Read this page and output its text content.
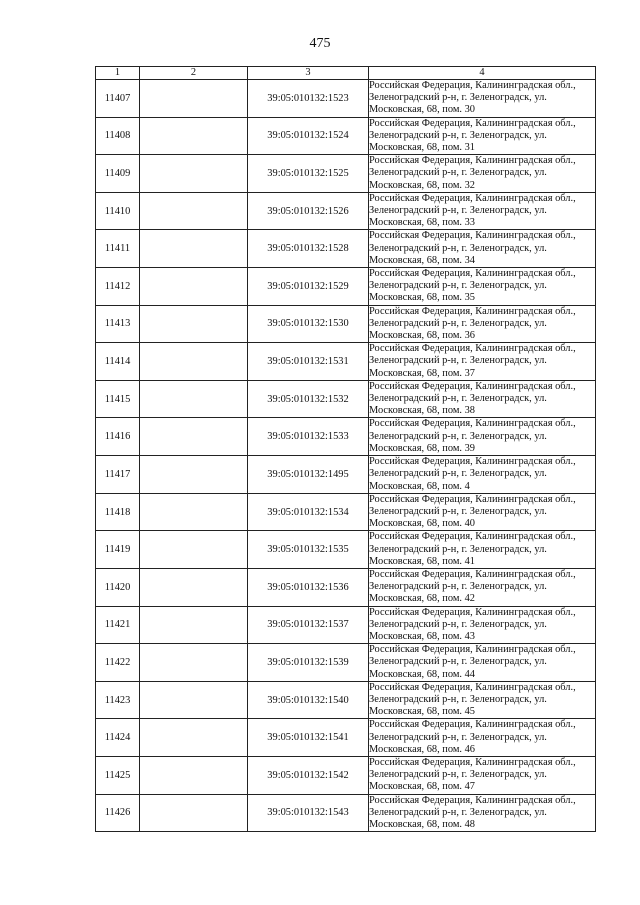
475
1	2	3	4
11407		39:05:010132:1523	Российская Федерация, Калининградская обл.,
Зеленоградский р-н, г. Зеленоградск, ул.
Московская, 68, пом. 30
11408		39:05:010132:1524	Российская Федерация, Калининградская обл.,
Зеленоградский р-н, г. Зеленоградск, ул.
Московская, 68, пом. 31
11409		39:05:010132:1525	Российская Федерация, Калининградская обл.,
Зеленоградский р-н, г. Зеленоградск, ул.
Московская, 68, пом. 32
11410		39:05:010132:1526	Российская Федерация, Калининградская обл.,
Зеленоградский р-н, г. Зеленоградск, ул.
Московская, 68, пом. 33
11411		39:05:010132:1528	Российская Федерация, Калининградская обл.,
Зеленоградский р-н, г. Зеленоградск, ул.
Московская, 68, пом. 34
11412		39:05:010132:1529	Российская Федерация, Калининградская обл.,
Зеленоградский р-н, г. Зеленоградск, ул.
Московская, 68, пом. 35
11413		39:05:010132:1530	Российская Федерация, Калининградская обл.,
Зеленоградский р-н, г. Зеленоградск, ул.
Московская, 68, пом. 36
11414		39:05:010132:1531	Российская Федерация, Калининградская обл.,
Зеленоградский р-н, г. Зеленоградск, ул.
Московская, 68, пом. 37
11415		39:05:010132:1532	Российская Федерация, Калининградская обл.,
Зеленоградский р-н, г. Зеленоградск, ул.
Московская, 68, пом. 38
11416		39:05:010132:1533	Российская Федерация, Калининградская обл.,
Зеленоградский р-н, г. Зеленоградск, ул.
Московская, 68, пом. 39
11417		39:05:010132:1495	Российская Федерация, Калининградская обл.,
Зеленоградский р-н, г. Зеленоградск, ул.
Московская, 68, пом. 4
11418		39:05:010132:1534	Российская Федерация, Калининградская обл.,
Зеленоградский р-н, г. Зеленоградск, ул.
Московская, 68, пом. 40
11419		39:05:010132:1535	Российская Федерация, Калининградская обл.,
Зеленоградский р-н, г. Зеленоградск, ул.
Московская, 68, пом. 41
11420		39:05:010132:1536	Российская Федерация, Калининградская обл.,
Зеленоградский р-н, г. Зеленоградск, ул.
Московская, 68, пом. 42
11421		39:05:010132:1537	Российская Федерация, Калининградская обл.,
Зеленоградский р-н, г. Зеленоградск, ул.
Московская, 68, пом. 43
11422		39:05:010132:1539	Российская Федерация, Калининградская обл.,
Зеленоградский р-н, г. Зеленоградск, ул.
Московская, 68, пом. 44
11423		39:05:010132:1540	Российская Федерация, Калининградская обл.,
Зеленоградский р-н, г. Зеленоградск, ул.
Московская, 68, пом. 45
11424		39:05:010132:1541	Российская Федерация, Калининградская обл.,
Зеленоградский р-н, г. Зеленоградск, ул.
Московская, 68, пом. 46
11425		39:05:010132:1542	Российская Федерация, Калининградская обл.,
Зеленоградский р-н, г. Зеленоградск, ул.
Московская, 68, пом. 47
11426		39:05:010132:1543	Российская Федерация, Калининградская обл.,
Зеленоградский р-н, г. Зеленоградск, ул.
Московская, 68, пом. 48
